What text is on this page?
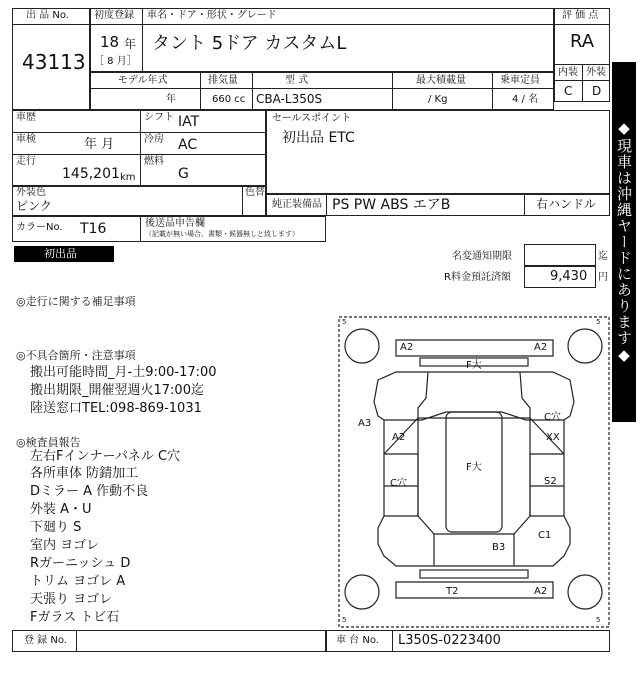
出 品 No.
43113
初度登録 車名・ドア・形状・グレード
18 年
［ 8 月］
タント 5ドア カスタムL
評 価 点
RA
内装 外装
C D
モデル年式
年
排気量
660 cc
型 式
CBA-L350S
最大積載量
/ Kg
乗車定員
4 / 名
車歴	シフト IAT
車検	年 月	冷房 AC
走行
145,201 km
燃料
G
セールスポイント
初出品 ETC
外装色
ピンク
色替
純正装備品 PS PW ABS エアB	右ハンドル
カラーNo. T16	後送品申告欄
（記載が無い場合、書類・候器無しと致します）
初出品	名変通知期限	迄
R料金預託済額	9,430 円
◎走行に関する補足事項
◎不具合箇所・注意事項
搬出可能時間_月-土9:00-17:00
搬出期限_開催翌週火17:00迄
陸送窓口TEL:098-869-1031
◎検査員報告
左右Fインナーパネル C穴
各所車体 防錆加工
Dミラー A 作動不良
外装 A・U
下廻り S
室内 ヨゴレ
Rガーニッシュ D
トリム ヨゴレ A
天張り ヨゴレ
Fガラス トビ石
5	5
5	5
A2	A2
F大
A3
A2
C穴
XX
F大
C穴	S2
C1
B3
T2	A2
登 録 No.	車 台 No. L350S-0223400
◆現車は沖縄ヤードにあります◆
